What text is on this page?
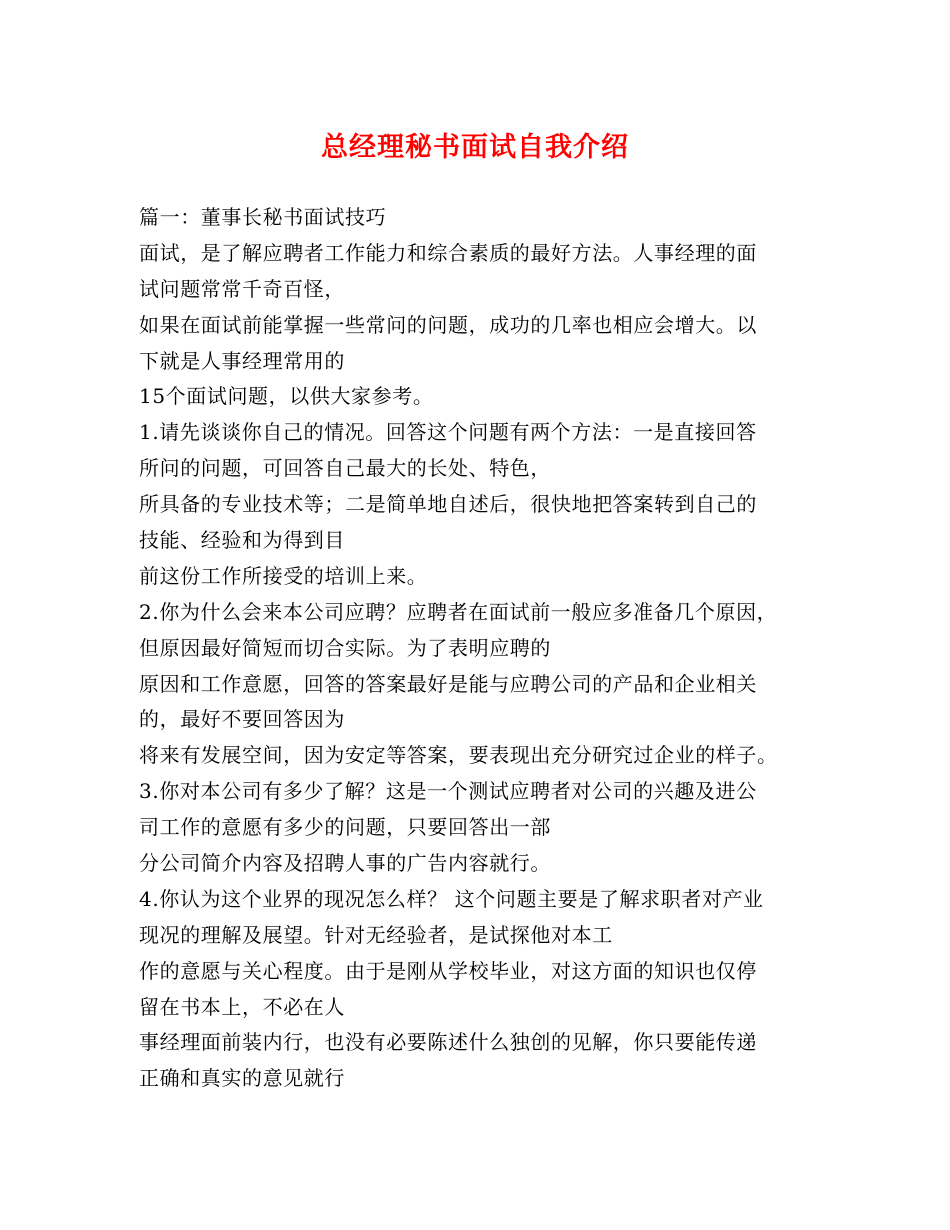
总经理秘书面试自我介绍
篇一：董事长秘书面试技巧
面试，是了解应聘者工作能力和综合素质的最好方法。人事经理的面
试问题常常千奇百怪，
如果在面试前能掌握一些常问的问题，成功的几率也相应会增大。以
下就是人事经理常用的
15个面试问题，以供大家参考。
1.请先谈谈你自己的情况。回答这个问题有两个方法：一是直接回答
所问的问题，可回答自己最大的长处、特色，
所具备的专业技术等；二是简单地自述后，很快地把答案转到自己的
技能、经验和为得到目
前这份工作所接受的培训上来。
2.你为什么会来本公司应聘？应聘者在面试前一般应多准备几个原因，
但原因最好简短而切合实际。为了表明应聘的
原因和工作意愿，回答的答案最好是能与应聘公司的产品和企业相关
的，最好不要回答因为
将来有发展空间，因为安定等答案，要表现出充分研究过企业的样子。
3.你对本公司有多少了解？这是一个测试应聘者对公司的兴趣及进公
司工作的意愿有多少的问题，只要回答出一部
分公司简介内容及招聘人事的广告内容就行。
4.你认为这个业界的现况怎么样？ 这个问题主要是了解求职者对产业
现况的理解及展望。针对无经验者，是试探他对本工
作的意愿与关心程度。由于是刚从学校毕业，对这方面的知识也仅停
留在书本上，不必在人
事经理面前装内行，也没有必要陈述什么独创的见解，你只要能传递
正确和真实的意见就行
